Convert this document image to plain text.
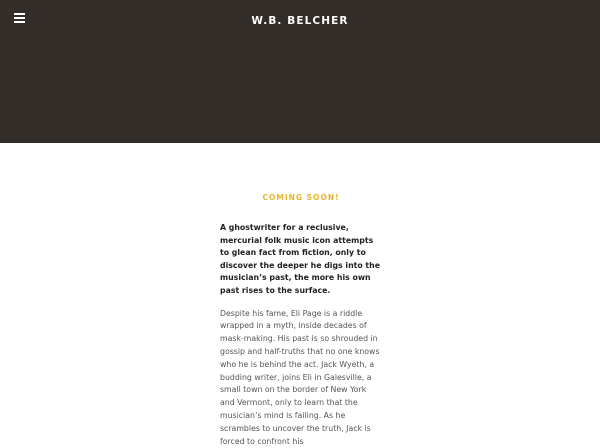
W.B. BELCHER

COMING SOON!

A ghostwriter for a reclusive, mercurial folk music icon attempts to glean fact from fiction, only to discover the deeper he digs into the musician’s past, the more his own past rises to the surface.

Despite his fame, Eli Page is a riddle wrapped in a myth, inside decades of mask-making. His past is so shrouded in gossip and half-truths that no one knows who he is behind the act. Jack Wyeth, a budding writer, joins Eli in Galesville, a small town on the border of New York and Vermont, only to learn that the musician’s mind is failing. As he scrambles to uncover the truth, Jack is forced to confront his
